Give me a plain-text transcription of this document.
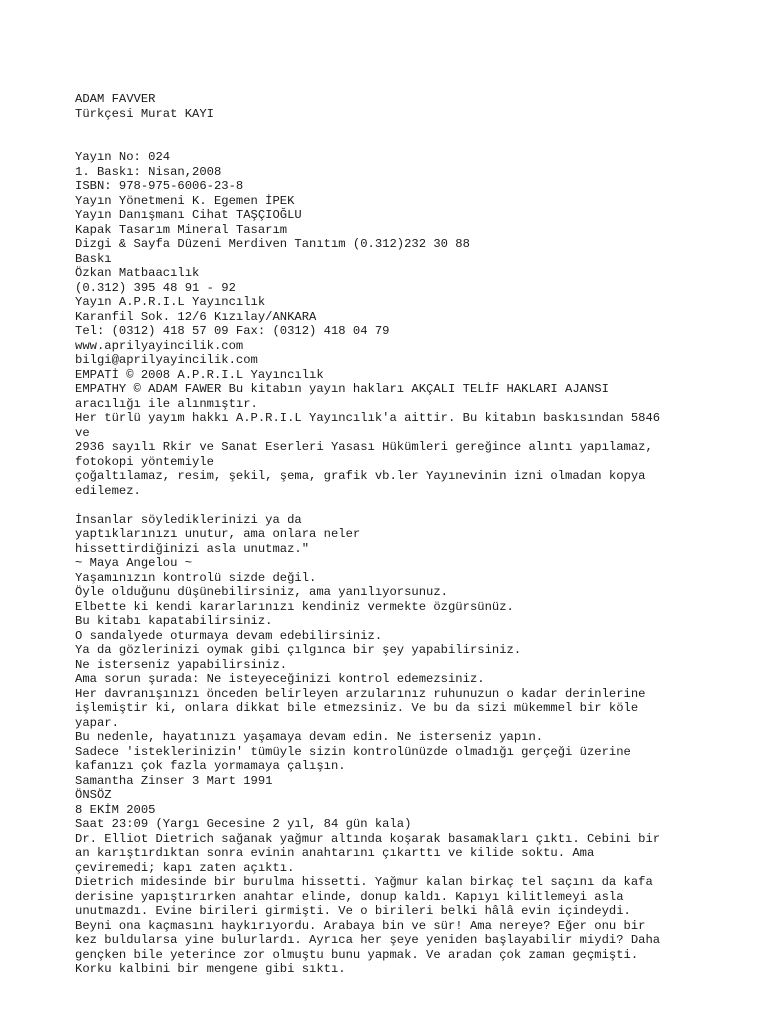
ADAM FAVVER
Türkçesi Murat KAYI
Yayın No: 024
1. Baskı: Nisan,2008
ISBN: 978-975-6006-23-8
Yayın Yönetmeni K. Egemen İPEK
Yayın Danışmanı Cihat TAŞÇIOĞLU
Kapak Tasarım Mineral Tasarım
Dizgi & Sayfa Düzeni Merdiven Tanıtım (0.312)232 30 88
Baskı
Özkan Matbaacılık
(0.312) 395 48 91 - 92
Yayın A.P.R.I.L Yayıncılık
Karanfil Sok. 12/6 Kızılay/ANKARA
Tel: (0312) 418 57 09 Fax: (0312) 418 04 79
www.aprilyayincilik.com
bilgi@aprilyayincilik.com
EMPATİ © 2008 A.P.R.I.L Yayıncılık
EMPATHY © ADAM FAWER Bu kitabın yayın hakları AKÇALI TELİF HAKLARI AJANSI
aracılığı ile alınmıştır.
Her türlü yayım hakkı A.P.R.I.L Yayıncılık'a aittir. Bu kitabın baskısından 5846
ve
2936 sayılı Rkir ve Sanat Eserleri Yasası Hükümleri gereğince alıntı yapılamaz,
fotokopi yöntemiyle
çoğaltılamaz, resim, şekil, şema, grafik vb.ler Yayınevinin izni olmadan kopya
edilemez.
İnsanlar söylediklerinizi ya da
yaptıklarınızı unutur, ama onlara neler
hissettirdiğinizi asla unutmaz."
~ Maya Angelou ~
Yaşamınızın kontrolü sizde değil.
Öyle olduğunu düşünebilirsiniz, ama yanılıyorsunuz.
Elbette ki kendi kararlarınızı kendiniz vermekte özgürsünüz.
Bu kitabı kapatabilirsiniz.
O sandalyede oturmaya devam edebilirsiniz.
Ya da gözlerinizi oymak gibi çılgınca bir şey yapabilirsiniz.
Ne isterseniz yapabilirsiniz.
Ama sorun şurada: Ne isteyeceğinizi kontrol edemezsiniz.
Her davranışınızı önceden belirleyen arzularınız ruhunuzun o kadar derinlerine
işlemiştir ki, onlara dikkat bile etmezsiniz. Ve bu da sizi mükemmel bir köle
yapar.
Bu nedenle, hayatınızı yaşamaya devam edin. Ne isterseniz yapın.
Sadece 'isteklerinizin' tümüyle sizin kontrolünüzde olmadığı gerçeği üzerine
kafanızı çok fazla yormamaya çalışın.
Samantha Zinser 3 Mart 1991
ÖNSÖZ
8 EKİM 2005
Saat 23:09 (Yargı Gecesine 2 yıl, 84 gün kala)
Dr. Elliot Dietrich sağanak yağmur altında koşarak basamakları çıktı. Cebini bir
an karıştırdıktan sonra evinin anahtarını çıkarttı ve kilide soktu. Ama
çeviremedi; kapı zaten açıktı.
Dietrich midesinde bir burulma hissetti. Yağmur kalan birkaç tel saçını da kafa
derisine yapıştırırken anahtar elinde, donup kaldı. Kapıyı kilitlemeyi asla
unutmazdı. Evine birileri girmişti. Ve o birileri belki hâlâ evin içindeydi.
Beyni ona kaçmasını haykırıyordu. Arabaya bin ve sür! Ama nereye? Eğer onu bir
kez buldularsa yine bulurlardı. Ayrıca her şeye yeniden başlayabilir miydi? Daha
gençken bile yeterince zor olmuştu bunu yapmak. Ve aradan çok zaman geçmişti.
Korku kalbini bir mengene gibi sıktı.
